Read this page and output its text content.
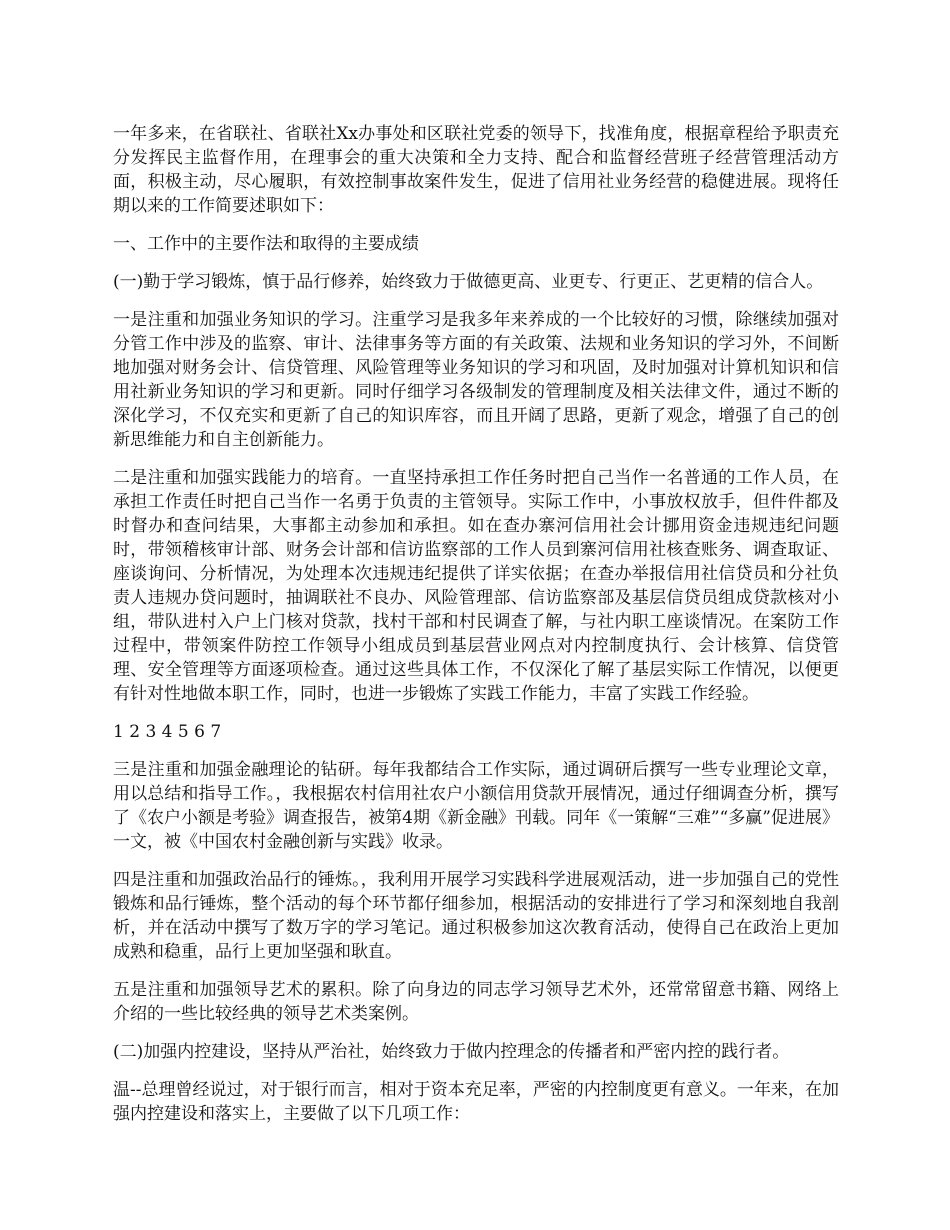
一年多来，在省联社、省联社Xx办事处和区联社党委的领导下，找准角度，根据章程给予职责充分发挥民主监督作用，在理事会的重大决策和全力支持、配合和监督经营班子经营管理活动方面，积极主动，尽心履职，有效控制事故案件发生，促进了信用社业务经营的稳健进展。现将任期以来的工作简要述职如下：

一、工作中的主要作法和取得的主要成绩

(一)勤于学习锻炼，慎于品行修养，始终致力于做德更高、业更专、行更正、艺更精的信合人。

一是注重和加强业务知识的学习。注重学习是我多年来养成的一个比较好的习惯，除继续加强对分管工作中涉及的监察、审计、法律事务等方面的有关政策、法规和业务知识的学习外，不间断地加强对财务会计、信贷管理、风险管理等业务知识的学习和巩固，及时加强对计算机知识和信用社新业务知识的学习和更新。同时仔细学习各级制发的管理制度及相关法律文件，通过不断的深化学习，不仅充实和更新了自己的知识库容，而且开阔了思路，更新了观念，增强了自己的创新思维能力和自主创新能力。

二是注重和加强实践能力的培育。一直坚持承担工作任务时把自己当作一名普通的工作人员，在承担工作责任时把自己当作一名勇于负责的主管领导。实际工作中，小事放权放手，但件件都及时督办和查问结果，大事都主动参加和承担。如在查办寨河信用社会计挪用资金违规违纪问题时，带领稽核审计部、财务会计部和信访监察部的工作人员到寨河信用社核查账务、调查取证、座谈询问、分析情况，为处理本次违规违纪提供了详实依据；在查办举报信用社信贷员和分社负责人违规办贷问题时，抽调联社不良办、风险管理部、信访监察部及基层信贷员组成贷款核对小组，带队进村入户上门核对贷款，找村干部和村民调查了解，与社内职工座谈情况。在案防工作过程中，带领案件防控工作领导小组成员到基层营业网点对内控制度执行、会计核算、信贷管理、安全管理等方面逐项检查。通过这些具体工作，不仅深化了解了基层实际工作情况，以便更有针对性地做本职工作，同时，也进一步锻炼了实践工作能力，丰富了实践工作经验。

1 2 3 4 5 6 7

三是注重和加强金融理论的钻研。每年我都结合工作实际，通过调研后撰写一些专业理论文章，用以总结和指导工作。，我根据农村信用社农户小额信用贷款开展情况，通过仔细调查分析，撰写了《农户小额是考验》调查报告，被第4期《新金融》刊载。同年《一策解“三难”“多赢”促进展》一文，被《中国农村金融创新与实践》收录。

四是注重和加强政治品行的锤炼。，我利用开展学习实践科学进展观活动，进一步加强自己的党性锻炼和品行锤炼，整个活动的每个环节都仔细参加，根据活动的安排进行了学习和深刻地自我剖析，并在活动中撰写了数万字的学习笔记。通过积极参加这次教育活动，使得自己在政治上更加成熟和稳重，品行上更加坚强和耿直。

五是注重和加强领导艺术的累积。除了向身边的同志学习领导艺术外，还常常留意书籍、网络上介绍的一些比较经典的领导艺术类案例。

(二)加强内控建设，坚持从严治社，始终致力于做内控理念的传播者和严密内控的践行者。

温--总理曾经说过，对于银行而言，相对于资本充足率，严密的内控制度更有意义。一年来，在加强内控建设和落实上，主要做了以下几项工作：
